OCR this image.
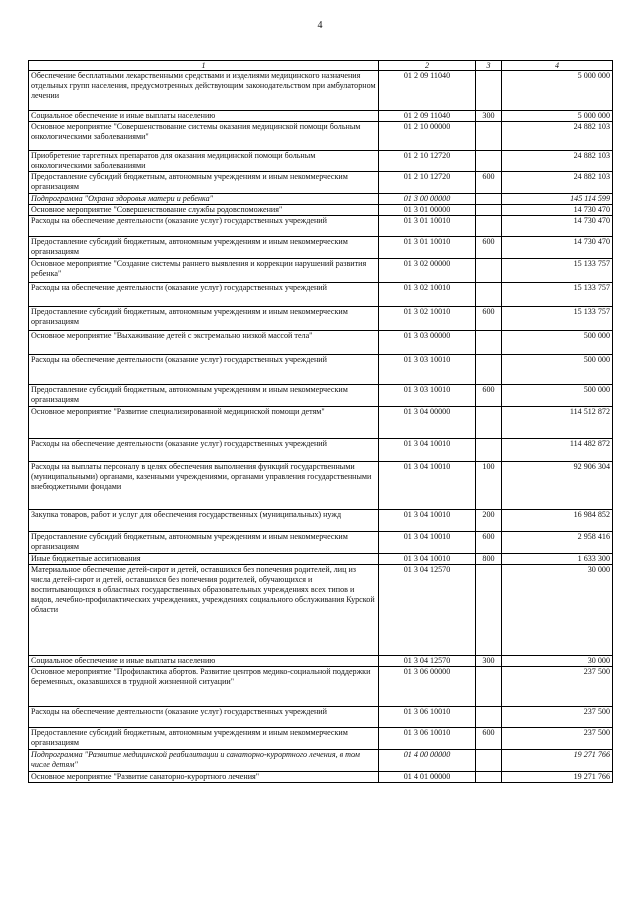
4
1	2	3	4
Обеспечение бесплатными лекарственными средствами и изделиями медицинского назначения отдельных групп населения, предусмотренных действующим законодательством при амбулаторном лечении	01 2 09 11040		5 000 000
Социальное обеспечение и иные выплаты населению	01 2 09 11040	300	5 000 000
Основное мероприятие "Совершенствование системы оказания медицинской помощи больным онкологическими заболеваниями"	01 2 10 00000		24 882 103
Приобретение таргетных препаратов для оказания медицинской помощи больным онкологическими заболеваниями	01 2 10 12720		24 882 103
Предоставление субсидий бюджетным, автономным учреждениям и иным некоммерческим организациям	01 2 10 12720	600	24 882 103
Подпрограмма "Охрана здоровья матери и ребенка"	01 3 00 00000		145 114 599
Основное мероприятие "Совершенствование службы родовспоможения"	01 3 01 00000		14 730 470
Расходы на обеспечение деятельности (оказание услуг) государственных учреждений	01 3 01 10010		14 730 470
Предоставление субсидий бюджетным, автономным учреждениям и иным некоммерческим организациям	01 3 01 10010	600	14 730 470
Основное мероприятие "Создание системы раннего выявления и коррекции нарушений развития ребенка"	01 3 02 00000		15 133 757
Расходы на обеспечение деятельности (оказание услуг) государственных учреждений	01 3 02 10010		15 133 757
Предоставление субсидий бюджетным, автономным учреждениям и иным некоммерческим организациям	01 3 02 10010	600	15 133 757
Основное мероприятие "Выхаживание детей с экстремально низкой массой тела"	01 3 03 00000		500 000
Расходы на обеспечение деятельности (оказание услуг) государственных учреждений	01 3 03 10010		500 000
Предоставление субсидий бюджетным, автономным учреждениям и иным некоммерческим организациям	01 3 03 10010	600	500 000
Основное мероприятие "Развитие специализированной медицинской помощи детям"	01 3 04 00000		114 512 872
Расходы на обеспечение деятельности (оказание услуг) государственных учреждений	01 3 04 10010		114 482 872
Расходы на выплаты персоналу в целях обеспечения выполнения функций государственными (муниципальными) органами, казенными учреждениями, органами управления государственными внебюджетными фондами	01 3 04 10010	100	92 906 304
Закупка товаров, работ и услуг для обеспечения государственных (муниципальных) нужд	01 3 04 10010	200	16 984 852
Предоставление субсидий бюджетным, автономным учреждениям и иным некоммерческим организациям	01 3 04 10010	600	2 958 416
Иные бюджетные ассигнования	01 3 04 10010	800	1 633 300
Материальное обеспечение детей-сирот и детей, оставшихся без попечения родителей, лиц из числа детей-сирот и детей, оставшихся без попечения родителей, обучающихся и воспитывающихся в областных государственных образовательных учреждениях всех типов и видов, лечебно-профилактических учреждениях, учреждениях социального обслуживания Курской области	01 3 04 12570		30 000
Социальное обеспечение и иные выплаты населению	01 3 04 12570	300	30 000
Основное мероприятие "Профилактика абортов. Развитие центров медико-социальной поддержки беременных, оказавшихся в трудной жизненной ситуации"	01 3 06 00000		237 500
Расходы на обеспечение деятельности (оказание услуг) государственных учреждений	01 3 06 10010		237 500
Предоставление субсидий бюджетным, автономным учреждениям и иным некоммерческим организациям	01 3 06 10010	600	237 500
Подпрограмма "Развитие медицинской реабилитации и санаторно-курортного лечения, в том числе детям"	01 4 00 00000		19 271 766
Основное мероприятие "Развитие санаторно-курортного лечения"	01 4 01 00000		19 271 766
